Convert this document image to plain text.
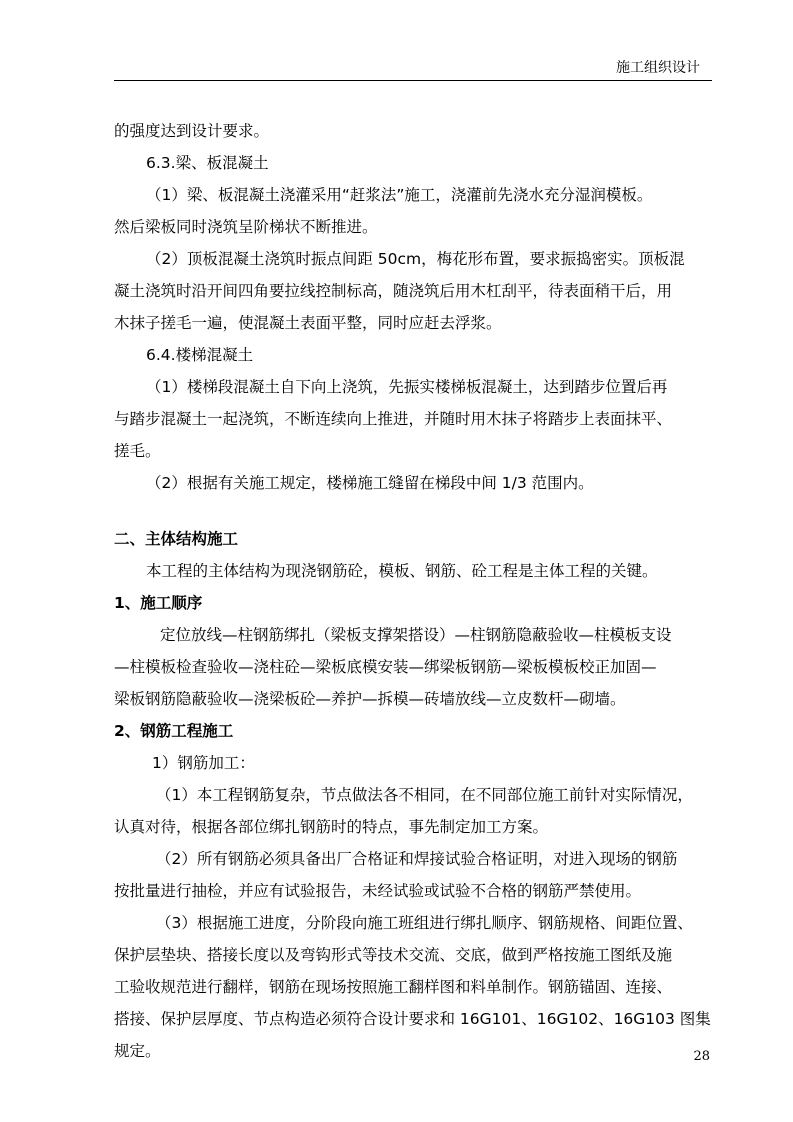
施工组织设计
的强度达到设计要求。
6.3.梁、板混凝土
（1）梁、板混凝土浇灌采用“赶浆法”施工，浇灌前先浇水充分湿润模板。
然后梁板同时浇筑呈阶梯状不断推进。
（2）顶板混凝土浇筑时振点间距 50cm，梅花形布置，要求振捣密实。顶板混
凝土浇筑时沿开间四角要拉线控制标高，随浇筑后用木杠刮平，待表面稍干后，用
木抹子搓毛一遍，使混凝土表面平整，同时应赶去浮浆。
6.4.楼梯混凝土
（1）楼梯段混凝土自下向上浇筑，先振实楼梯板混凝土，达到踏步位置后再
与踏步混凝土一起浇筑，不断连续向上推进，并随时用木抹子将踏步上表面抹平、
搓毛。
（2）根据有关施工规定，楼梯施工缝留在梯段中间 1/3 范围内。
二、主体结构施工
本工程的主体结构为现浇钢筋砼，模板、钢筋、砼工程是主体工程的关键。
1、施工顺序
定位放线—柱钢筋绑扎（梁板支撑架搭设）—柱钢筋隐蔽验收—柱模板支设
—柱模板检查验收—浇柱砼—梁板底模安装—绑梁板钢筋—梁板模板校正加固—
梁板钢筋隐蔽验收—浇梁板砼—养护—拆模—砖墙放线—立皮数杆—砌墙。
2、钢筋工程施工
1）钢筋加工：
（1）本工程钢筋复杂，节点做法各不相同，在不同部位施工前针对实际情况，
认真对待，根据各部位绑扎钢筋时的特点，事先制定加工方案。
（2）所有钢筋必须具备出厂合格证和焊接试验合格证明，对进入现场的钢筋
按批量进行抽检，并应有试验报告，未经试验或试验不合格的钢筋严禁使用。
（3）根据施工进度，分阶段向施工班组进行绑扎顺序、钢筋规格、间距位置、
保护层垫块、搭接长度以及弯钩形式等技术交流、交底，做到严格按施工图纸及施
工验收规范进行翻样，钢筋在现场按照施工翻样图和料单制作。钢筋锚固、连接、
搭接、保护层厚度、节点构造必须符合设计要求和 16G101、16G102、16G103 图集
规定。	28
